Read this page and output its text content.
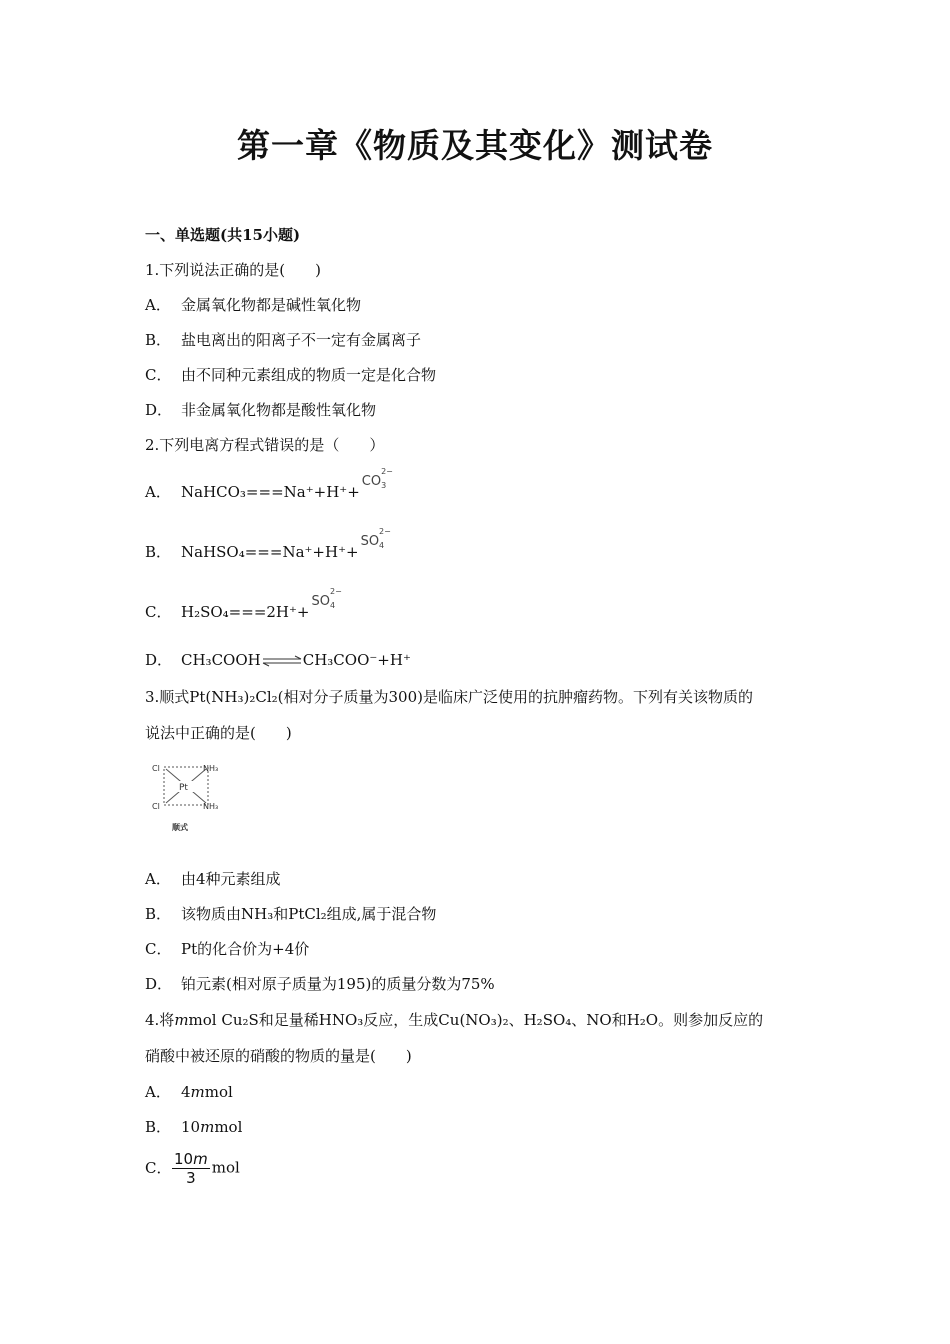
第一章《物质及其变化》测试卷
一、单选题(共15小题)
1.下列说法正确的是(　　)
A． 金属氧化物都是碱性氧化物
B． 盐电离出的阳离子不一定有金属离子
C． 由不同种元素组成的物质一定是化合物
D． 非金属氧化物都是酸性氧化物
2.下列电离方程式错误的是（　　）
A． NaHCO₃===Na⁺+H⁺+CO
2−
3
B． NaHSO₄===Na⁺+H⁺+SO
2−
4
C． H₂SO₄===2H⁺+SO
2−
4
D． CH₃COOH⇌CH₃COO⁻+H⁺
3.顺式Pt(NH₃)₂Cl₂(相对分子质量为300)是临床广泛使用的抗肿瘤药物。下列有关该物质的
说法中正确的是(　　)
Cl
Cl
NH₃
NH₃
Pt
顺式
A． 由4种元素组成
B． 该物质由NH₃和PtCl₂组成,属于混合物
C． Pt的化合价为+4价
D． 铂元素(相对原子质量为195)的质量分数为75%
4.将mmol Cu₂S和足量稀HNO₃反应，生成Cu(NO₃)₂、H₂SO₄、NO和H₂O。则参加反应的
硝酸中被还原的硝酸的物质的量是(　　)
A． 4mmol
B． 10mmol
C． $\frac{10m}{3}$ mol
